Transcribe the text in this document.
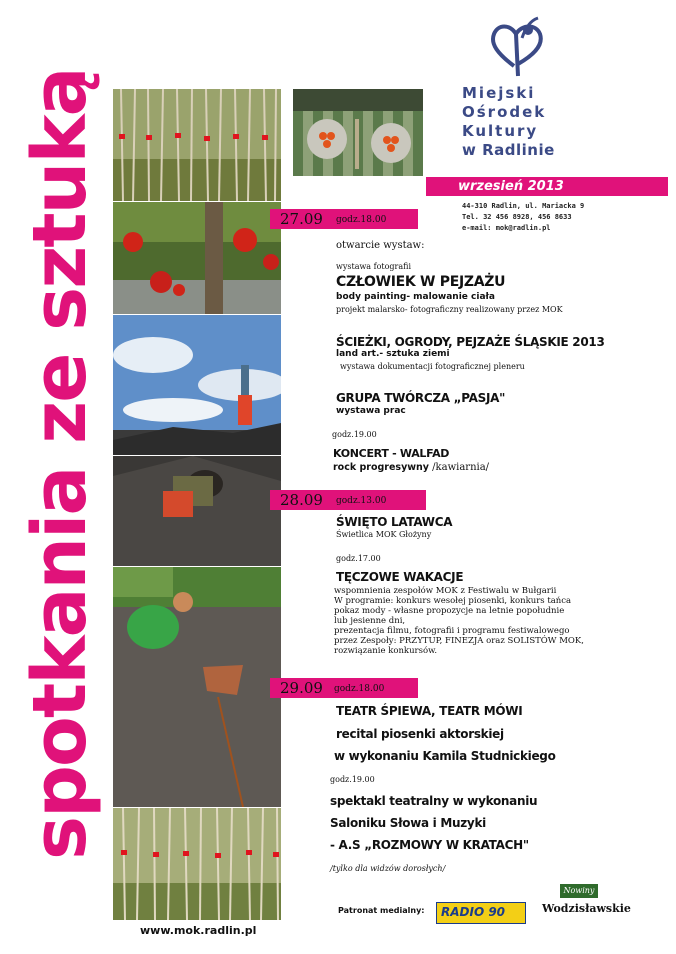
spotkania ze sztuką	Miejski
Ośrodek
Kultury
w Radlinie
wrzesień 2013
44-310 Radlin, ul. Mariacka 9
Tel. 32 456 8928, 456 8633
e-mail: mok@radlin.pl
27.09 godz.18.00
otwarcie wystaw:
wystawa fotografii
CZŁOWIEK W PEJZAŻU
body painting- malowanie ciała
projekt malarsko- fotograficzny realizowany przez MOK
ŚCIEŻKI, OGRODY, PEJZAŻE ŚLĄSKIE 2013
land art.- sztuka ziemi
wystawa dokumentacji fotograficznej pleneru
GRUPA TWÓRCZA „PASJA"
wystawa prac
godz.19.00
KONCERT - WALFAD
rock progresywny /kawiarnia/
28.09 godz.13.00
ŚWIĘTO LATAWCA
Świetlica MOK Głożyny
godz.17.00
TĘCZOWE WAKACJE
wspomnienia zespołów MOK z Festiwalu w Bułgarii
W programie: konkurs wesołej piosenki, konkurs tańca
pokaz mody - własne propozycje na letnie popołudnie
lub jesienne dni,
prezentacja filmu, fotografii i programu festiwalowego
przez Zespoły: PRZYTUP, FINEZJA oraz SOLISTÓW MOK,
rozwiązanie konkursów.
29.09 godz.18.00
TEATR ŚPIEWA, TEATR MÓWI
recital piosenki aktorskiej
w wykonaniu Kamila Studnickiego
godz.19.00
spektakl teatralny w wykonaniu
Saloniku Słowa i Muzyki
- A.S „ROZMOWY W KRATACH"
/tylko dla widzów dorosłych/
Patronat medialny: RADIO 90
Nowiny
Wodzisławskie
www.mok.radlin.pl
